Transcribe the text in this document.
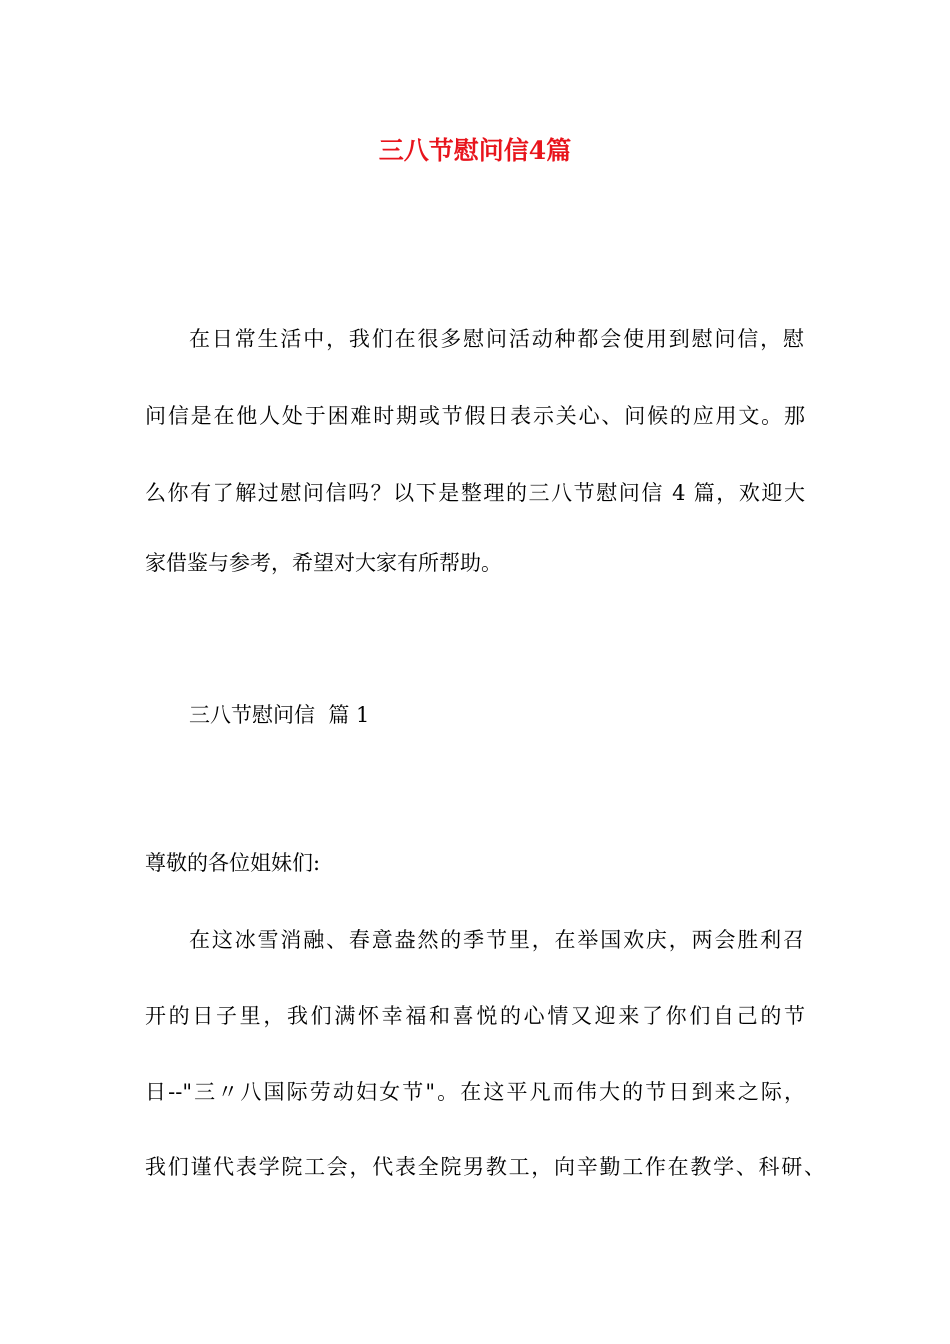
三八节慰问信4篇
在日常生活中，我们在很多慰问活动种都会使用到慰问信，慰
问信是在他人处于困难时期或节假日表示关心、问候的应用文。那
么你有了解过慰问信吗？以下是整理的三八节慰问信 4 篇，欢迎大
家借鉴与参考，希望对大家有所帮助。
三八节慰问信  篇 1
尊敬的各位姐妹们:
在这冰雪消融、春意盎然的季节里，在举国欢庆，两会胜利召
开的日子里，我们满怀幸福和喜悦的心情又迎来了你们自己的节
日--"三〃八国际劳动妇女节"。在这平凡而伟大的节日到来之际，
我们谨代表学院工会，代表全院男教工，向辛勤工作在教学、科研、
